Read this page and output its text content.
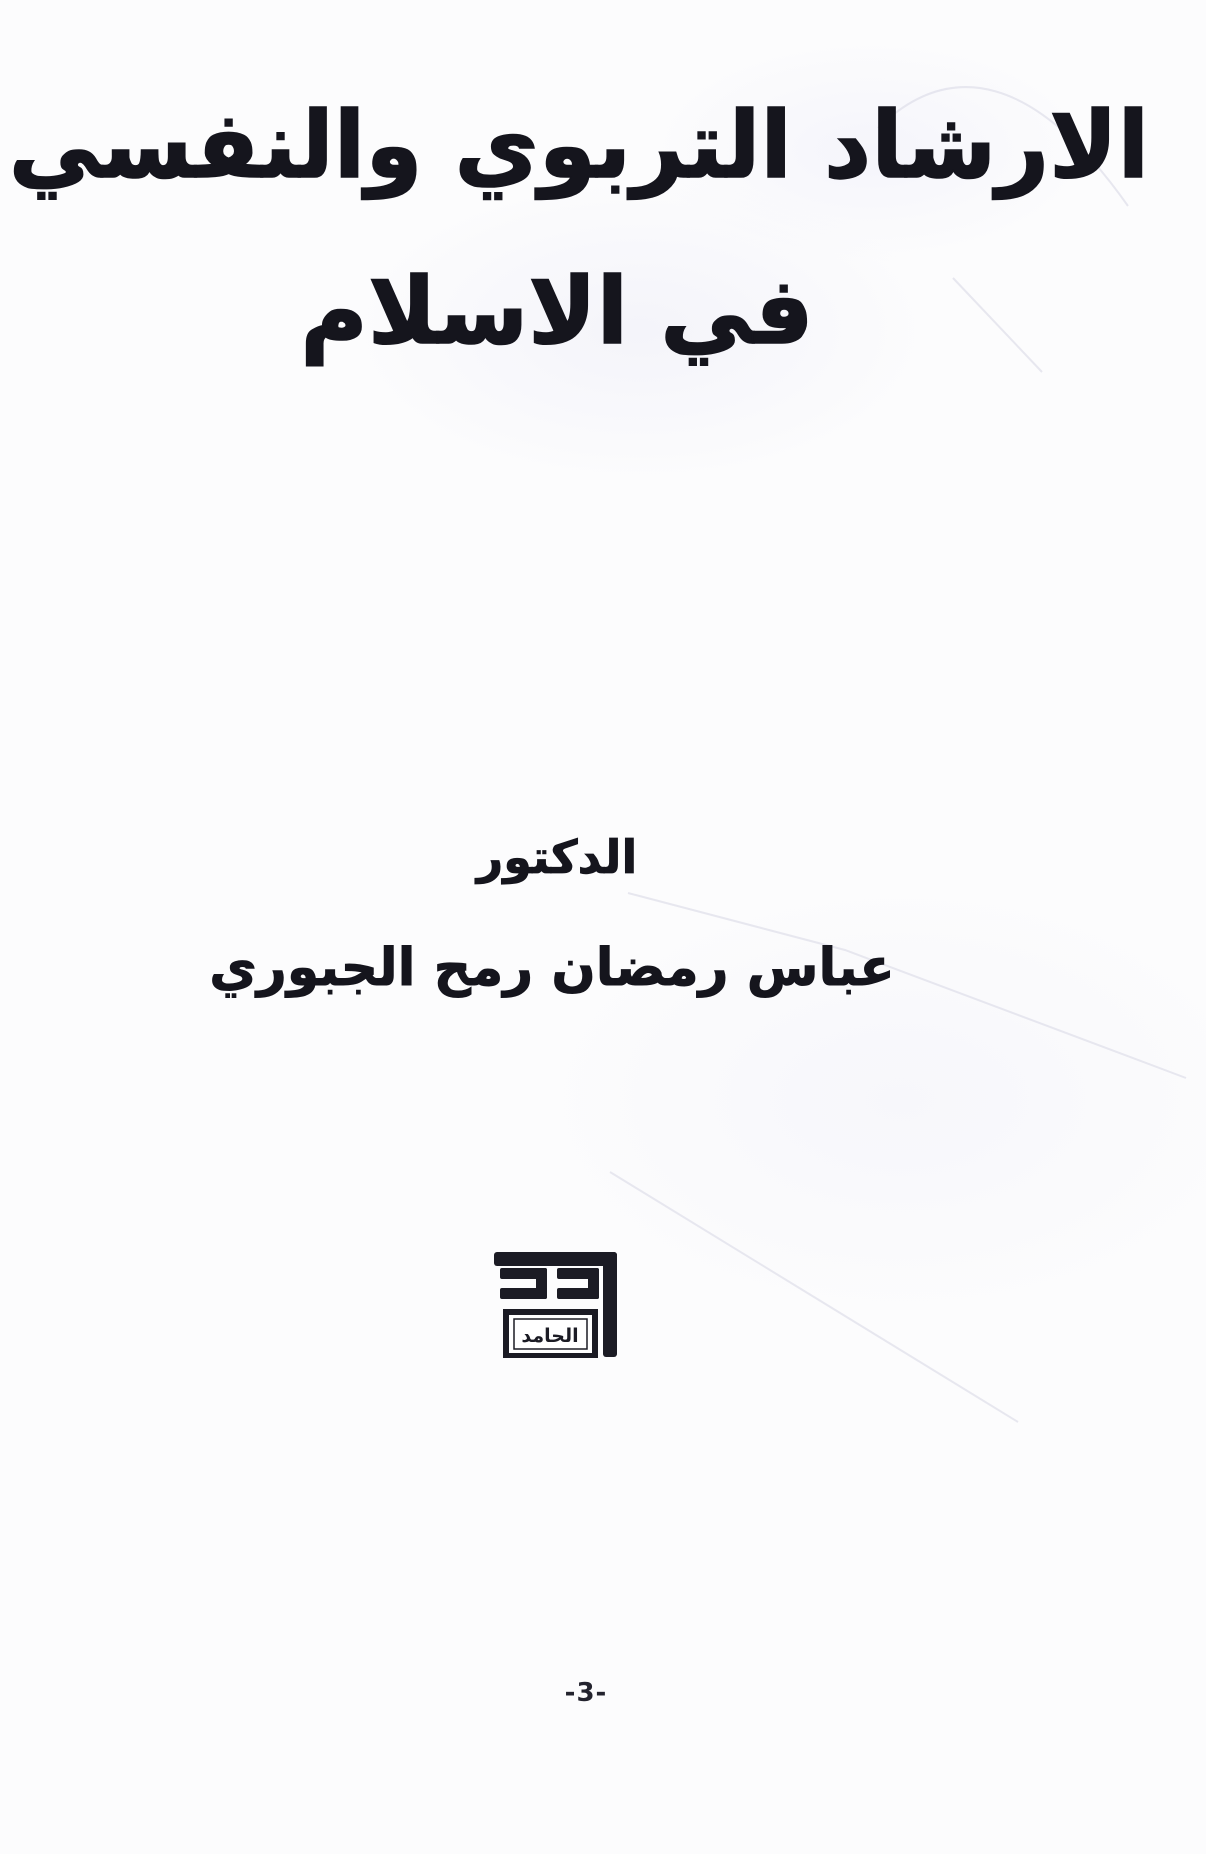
الارشاد التربوي والنفسي
في الاسلام
الدكتور
عباس رمضان رمح الجبوري
الحامد
-3-
